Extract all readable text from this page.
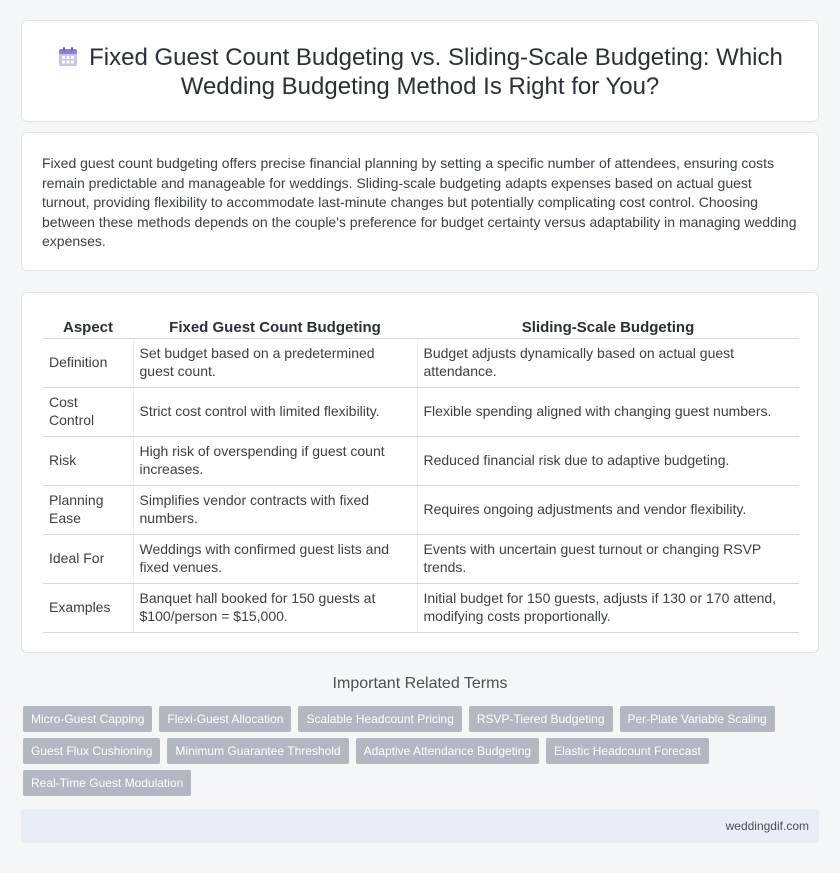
Fixed Guest Count Budgeting vs. Sliding-Scale Budgeting: Which Wedding Budgeting Method Is Right for You?

Fixed guest count budgeting offers precise financial planning by setting a specific number of attendees, ensuring costs remain predictable and manageable for weddings. Sliding-scale budgeting adapts expenses based on actual guest turnout, providing flexibility to accommodate last-minute changes but potentially complicating cost control. Choosing between these methods depends on the couple's preference for budget certainty versus adaptability in managing wedding expenses.

Aspect	Fixed Guest Count Budgeting	Sliding-Scale Budgeting
Definition	Set budget based on a predetermined guest count.	Budget adjusts dynamically based on actual guest attendance.
Cost Control	Strict cost control with limited flexibility.	Flexible spending aligned with changing guest numbers.
Risk	High risk of overspending if guest count increases.	Reduced financial risk due to adaptive budgeting.
Planning Ease	Simplifies vendor contracts with fixed numbers.	Requires ongoing adjustments and vendor flexibility.
Ideal For	Weddings with confirmed guest lists and fixed venues.	Events with uncertain guest turnout or changing RSVP trends.
Examples	Banquet hall booked for 150 guests at $100/person = $15,000.	Initial budget for 150 guests, adjusts if 130 or 170 attend, modifying costs proportionally.
Important Related Terms
Micro-Guest Capping	Flexi-Guest Allocation	Scalable Headcount Pricing	RSVP-Tiered Budgeting	Per-Plate Variable Scaling
Guest Flux Cushioning	Minimum Guarantee Threshold	Adaptive Attendance Budgeting	Elastic Headcount Forecast
Real-Time Guest Modulation
weddingdif.com
